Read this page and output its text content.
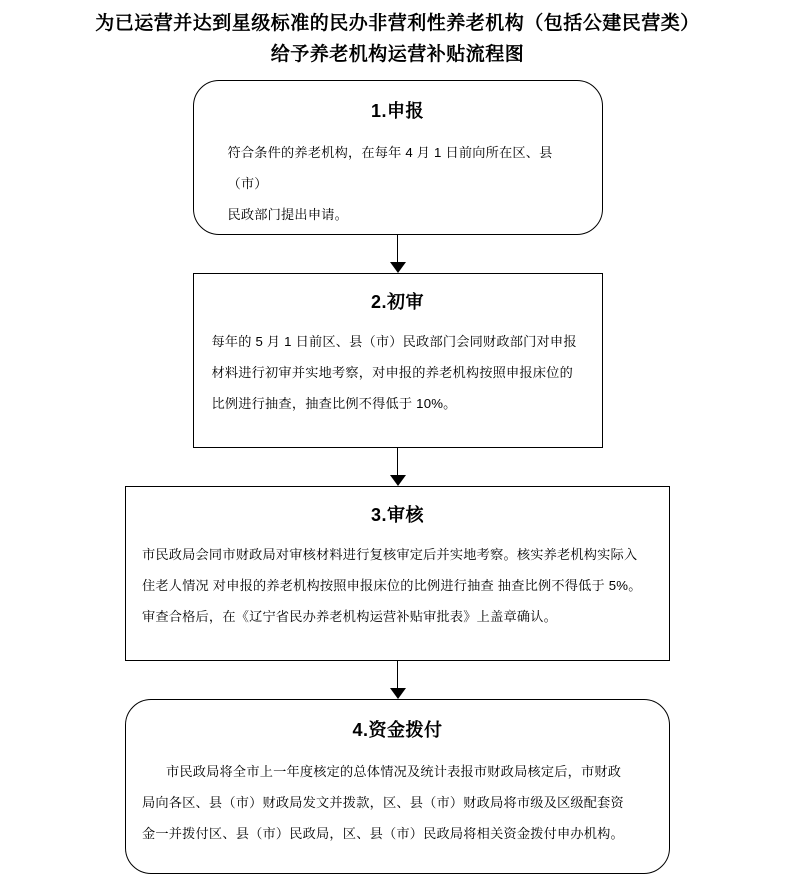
为已运营并达到星级标准的民办非营利性养老机构（包括公建民营类）
给予养老机构运营补贴流程图
1.申报

符合条件的养老机构，在每年 4 月 1 日前向所在区、县（市）

民政部门提出申请。

2.初审

每年的 5 月 1 日前区、县（市）民政部门会同财政部门对申报

材料进行初审并实地考察，对申报的养老机构按照申报床位的

比例进行抽查，抽查比例不得低于 10%。

3.审核

市民政局会同市财政局对审核材料进行复核审定后并实地考察。核实养老机构实际入

住老人情况 对申报的养老机构按照申报床位的比例进行抽查 抽查比例不得低于 5%。

审查合格后，在《辽宁省民办养老机构运营补贴审批表》上盖章确认。

4.资金拨付

市民政局将全市上一年度核定的总体情况及统计表报市财政局核定后，市财政

局向各区、县（市）财政局发文并拨款，区、县（市）财政局将市级及区级配套资

金一并拨付区、县（市）民政局，区、县（市）民政局将相关资金拨付申办机构。
